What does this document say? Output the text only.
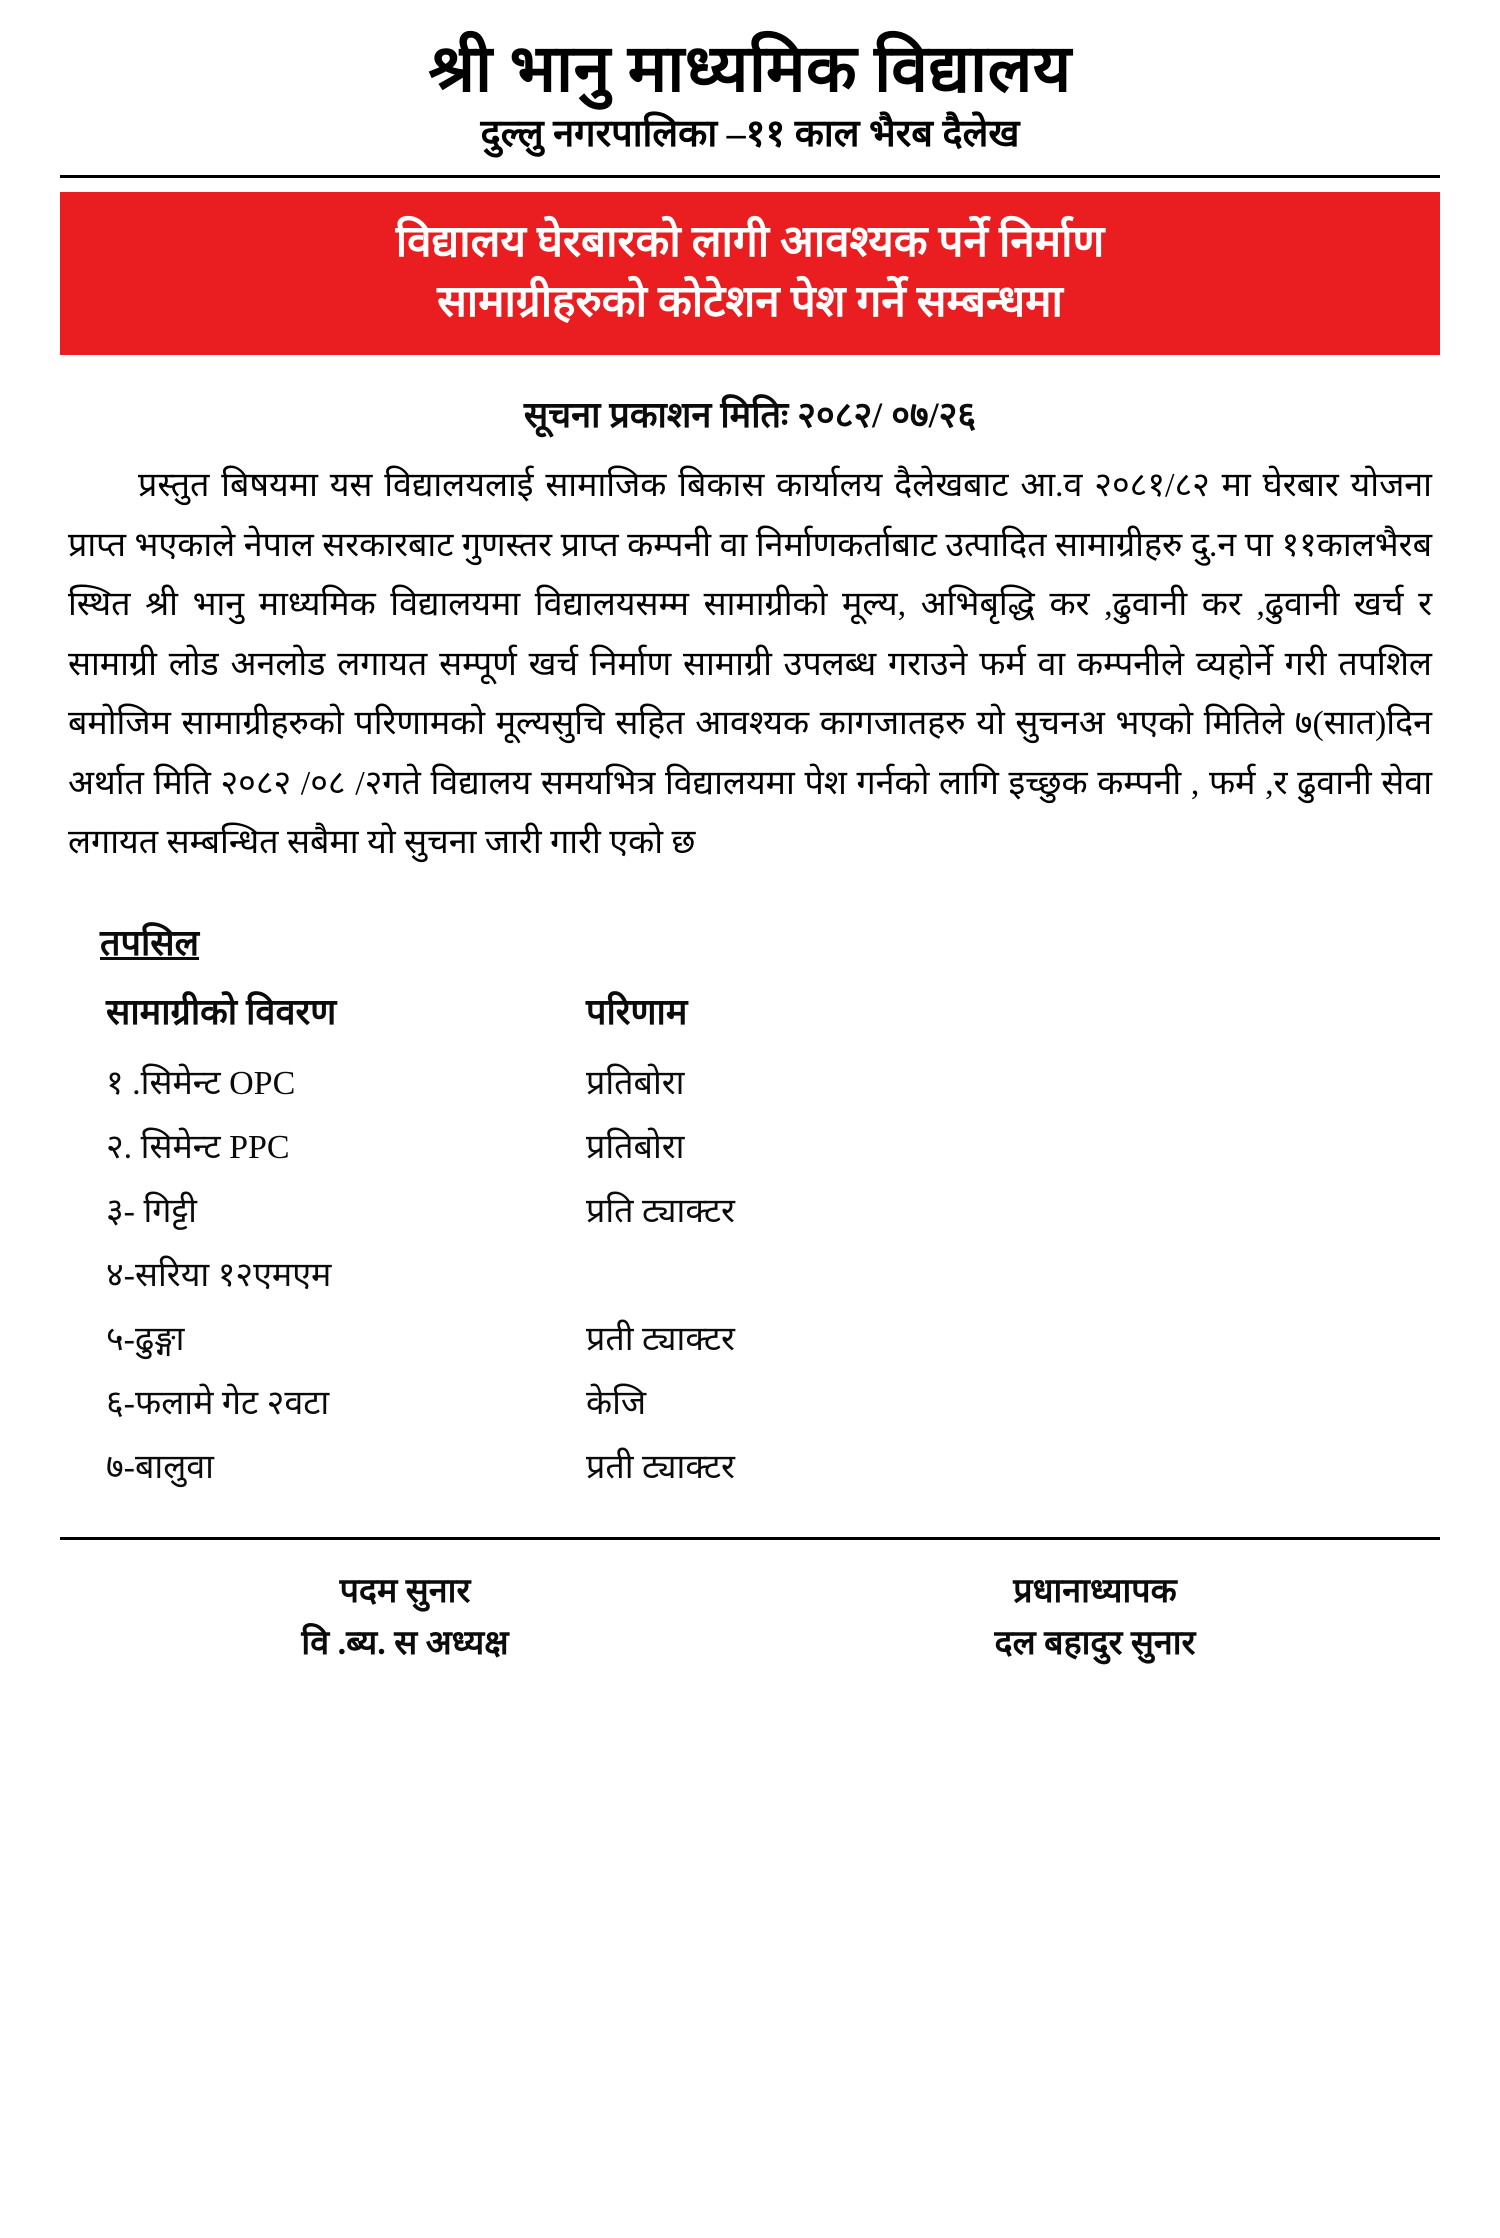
श्री भानु माध्यमिक विद्यालय
दुल्लु नगरपालिका –११ काल भैरब दैलेख
विद्यालय घेरबारको लागी आवश्यक पर्ने निर्माण
सामाग्रीहरुको कोटेशन पेश गर्ने सम्बन्धमा
सूचना प्रकाशन मितिः २०८२/ ०७/२६
प्रस्तुत बिषयमा यस विद्यालयलाई सामाजिक बिकास कार्यालय दैलेखबाट आ.व २०८१/८२ मा घेरबार योजना प्राप्त भएकाले नेपाल सरकारबाट गुणस्तर प्राप्त कम्पनी वा निर्माणकर्ताबाट उत्पादित सामाग्रीहरु दु.न पा ११कालभैरब स्थित श्री भानु माध्यमिक विद्यालयमा विद्यालयसम्म सामाग्रीको मूल्य, अभिबृद्धि कर ,ढुवानी कर ,ढुवानी खर्च र सामाग्री लोड अनलोड लगायत सम्पूर्ण खर्च निर्माण सामाग्री उपलब्ध गराउने फर्म वा कम्पनीले व्यहोर्ने गरी तपशिल बमोजिम सामाग्रीहरुको परिणामको मूल्यसुचि सहित आवश्यक कागजातहरु यो सुचनअ भएको मितिले ७(सात)दिन अर्थात मिति २०८२ /०८ /२गते विद्यालय समयभित्र विद्यालयमा पेश गर्नको लागि इच्छुक कम्पनी , फर्म ,र ढुवानी सेवा लगायत सम्बन्धित सबैमा यो सुचना जारी गारी एको छ
तपसिल
सामाग्रीको विवरण	परिणाम
१ .सिमेन्ट OPC	प्रतिबोरा
२. सिमेन्ट PPC	प्रतिबोरा
३- गिट्टी	प्रति ट्याक्टर
४-सरिया १२एमएम	
५-ढुङ्गा	प्रती ट्याक्टर
६-फलामे गेट २वटा	केजि
७-बालुवा	प्रती ट्याक्टर
पदम सुनार
वि .ब्य. स अध्यक्ष
प्रधानाध्यापक
दल बहादुर सुनार
